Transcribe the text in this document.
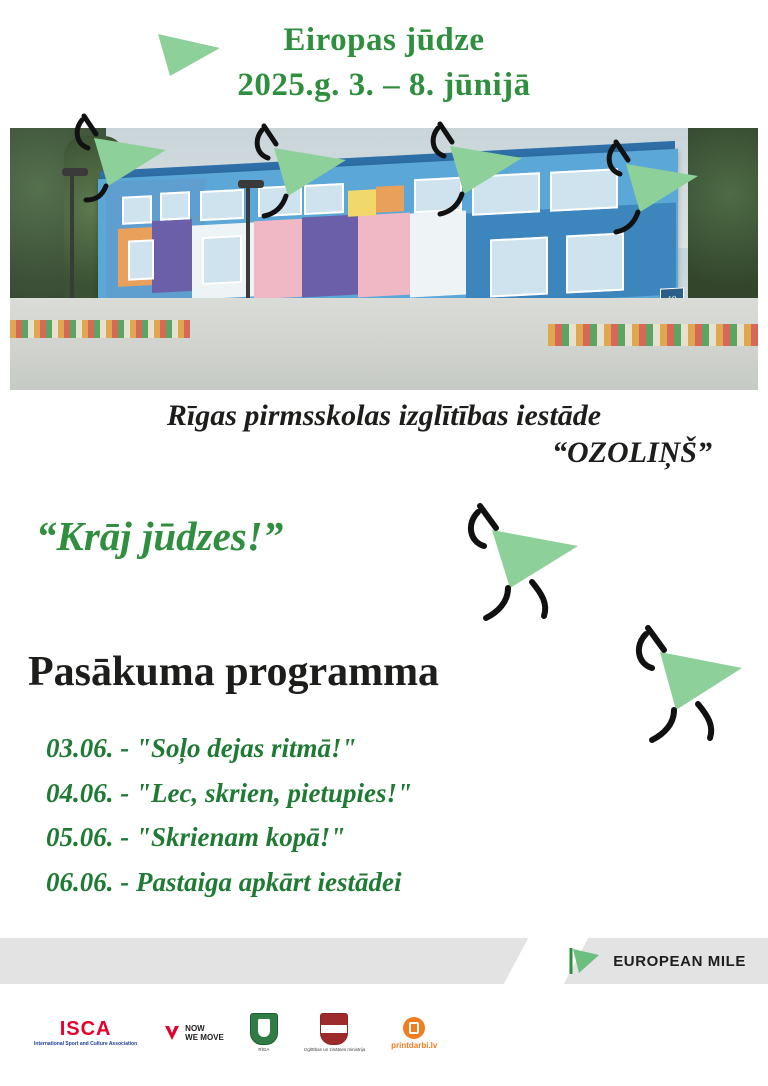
Eiropas jūdze
2025.g. 3. – 8. jūnijā
Rīgas pirmsskolas izglītības iestāde
“OZOLIŅŠ”
“Krāj jūdzes!”
Pasākuma programma
03.06. - "Soļo dejas ritmā!"
04.06. - "Lec, skrien, pietupies!"
05.06. - "Skrienam kopā!"
06.06. - Pastaiga apkārt iestādei
EUROPEAN MILE
ISCA
International Sport and Culture Association
NOW
WE MOVE
RĪGA	Izglītības un zinātnes ministrija
printdarbi.lv
